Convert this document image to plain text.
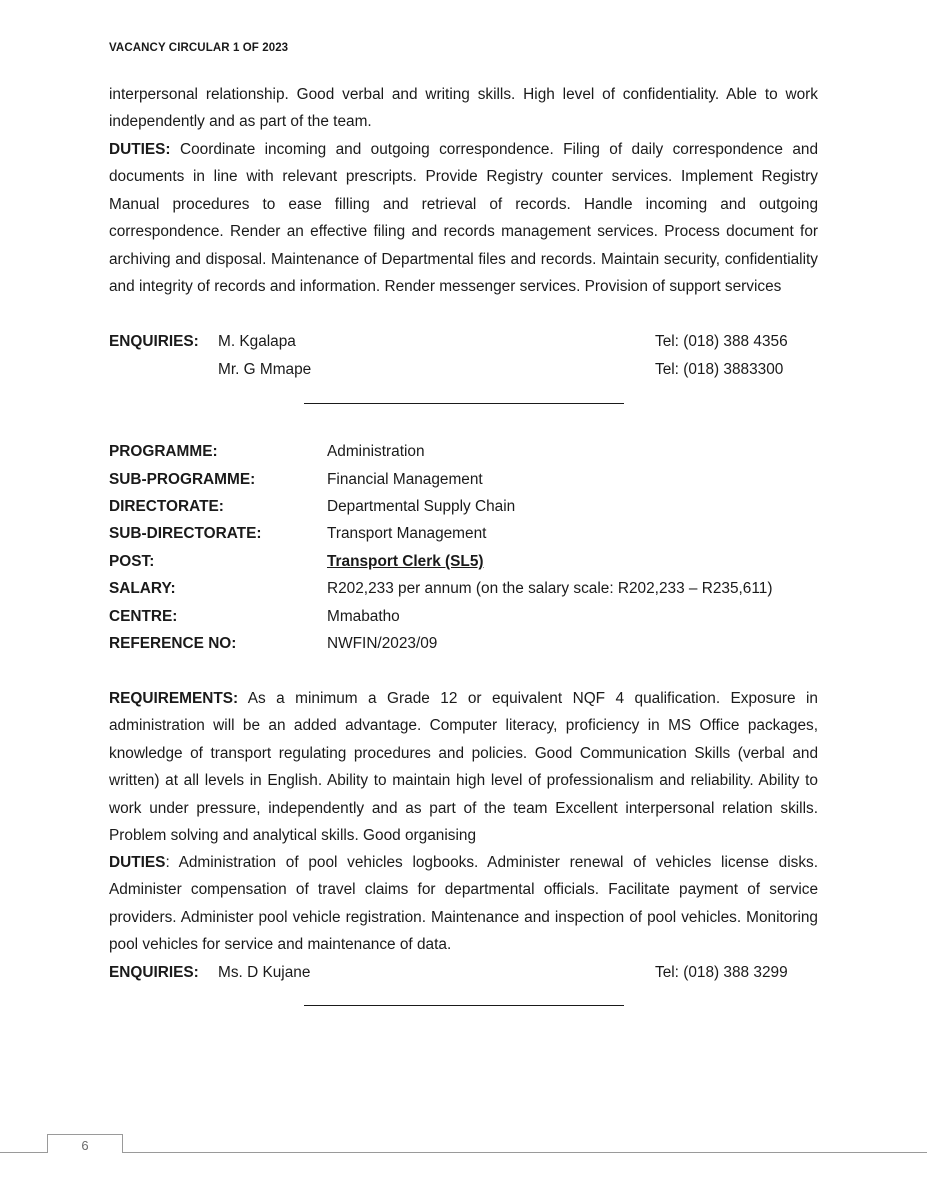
VACANCY CIRCULAR 1 OF 2023

interpersonal relationship. Good verbal and writing skills. High level of confidentiality. Able to work independently and as part of the team.

DUTIES: Coordinate incoming and outgoing correspondence. Filing of daily correspondence and documents in line with relevant prescripts. Provide Registry counter services. Implement Registry Manual procedures to ease filling and retrieval of records. Handle incoming and outgoing correspondence. Render an effective filing and records management services. Process document for archiving and disposal. Maintenance of Departmental files and records. Maintain security, confidentiality and integrity of records and information. Render messenger services. Provision of support services

ENQUIRIES: M. Kgalapa	Tel: (018) 388 4356
Mr. G Mmape	Tel: (018) 3883300
PROGRAMME:	Administration
SUB-PROGRAMME:	Financial Management
DIRECTORATE:	Departmental Supply Chain
SUB-DIRECTORATE:	Transport Management
POST:	Transport Clerk (SL5)
SALARY:	R202,233 per annum (on the salary scale: R202,233 – R235,611)
CENTRE:	Mmabatho
REFERENCE NO:	NWFIN/2023/09

REQUIREMENTS: As a minimum a Grade 12 or equivalent NQF 4 qualification. Exposure in administration will be an added advantage. Computer literacy, proficiency in MS Office packages, knowledge of transport regulating procedures and policies. Good Communication Skills (verbal and written) at all levels in English. Ability to maintain high level of professionalism and reliability. Ability to work under pressure, independently and as part of the team Excellent interpersonal relation skills. Problem solving and analytical skills. Good organising

DUTIES: Administration of pool vehicles logbooks. Administer renewal of vehicles license disks. Administer compensation of travel claims for departmental officials. Facilitate payment of service providers. Administer pool vehicle registration. Maintenance and inspection of pool vehicles. Monitoring pool vehicles for service and maintenance of data.

ENQUIRIES: Ms. D Kujane	Tel: (018) 388 3299
6
